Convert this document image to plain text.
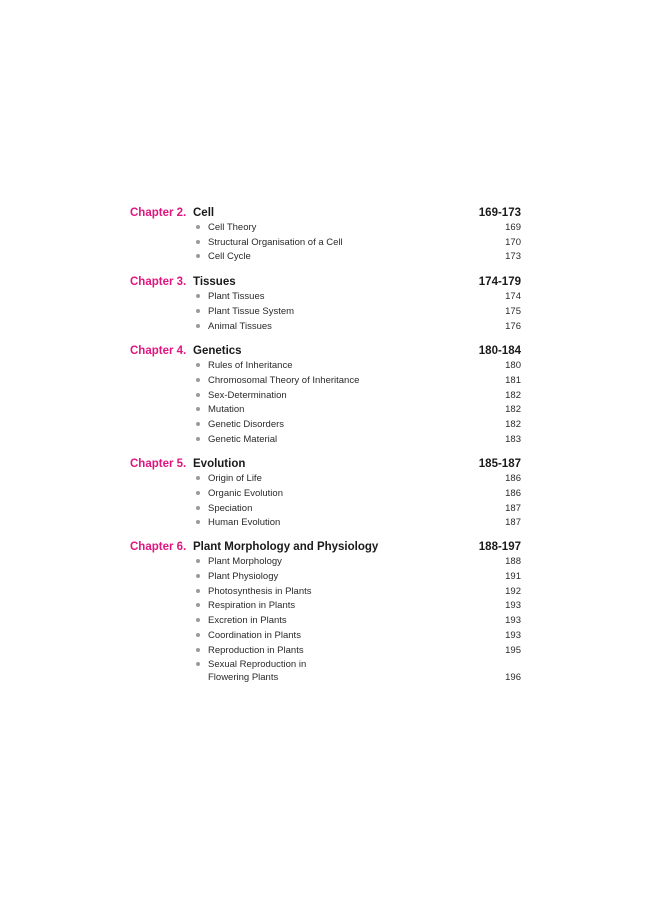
Chapter 2. Cell	169-173
Cell Theory	169
Structural Organisation of a Cell	170
Cell Cycle	173
Chapter 3. Tissues	174-179
Plant Tissues	174
Plant Tissue System	175
Animal Tissues	176
Chapter 4. Genetics	180-184
Rules of Inheritance	180
Chromosomal Theory of Inheritance	181
Sex-Determination	182
Mutation	182
Genetic Disorders	182
Genetic Material	183
Chapter 5. Evolution	185-187
Origin of Life	186
Organic Evolution	186
Speciation	187
Human Evolution	187
Chapter 6. Plant Morphology and Physiology	188-197
Plant Morphology	188
Plant Physiology	191
Photosynthesis in Plants	192
Respiration in Plants	193
Excretion in Plants	193
Coordination in Plants	193
Reproduction in Plants	195
Sexual Reproduction in
Flowering Plants	196
